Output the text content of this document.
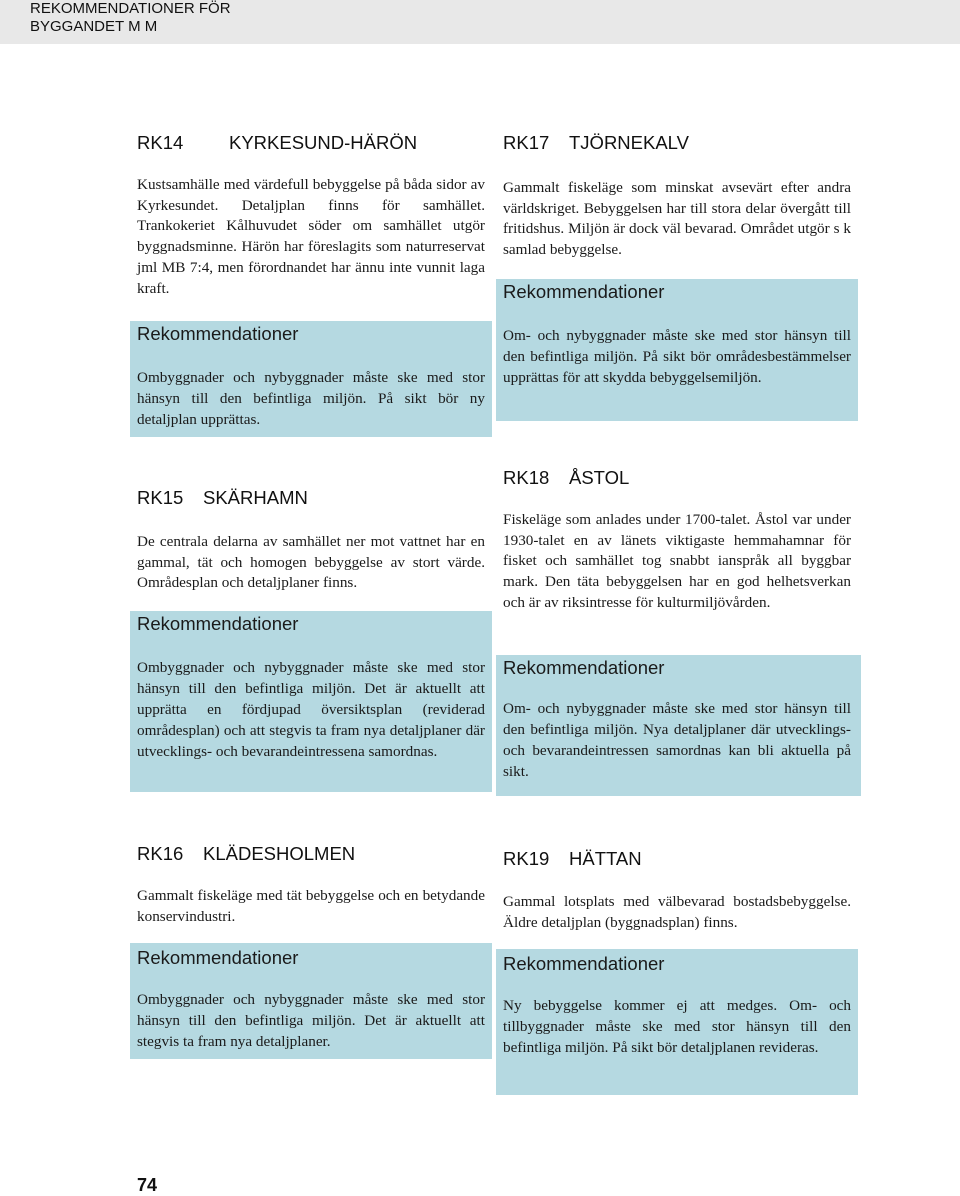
REKOMMENDATIONER FÖR
BYGGANDET M M
RK14 KYRKESUND-HÄRÖN
Kustsamhälle med värdefull bebyggelse på båda sidor av Kyrkesundet. Detaljplan finns för samhället. Trankokeriet Kålhuvudet söder om samhället utgör byggnadsminne. Härön har föreslagits som naturreservat jml MB 7:4, men förordnandet har ännu inte vunnit laga kraft.
Rekommendationer
Ombyggnader och nybyggnader måste ske med stor hänsyn till den befintliga miljön. På sikt bör ny detaljplan upprättas.
RK15 SKÄRHAMN
De centrala delarna av samhället ner mot vattnet har en gammal, tät och homogen bebyggelse av stort värde. Områdesplan och detaljplaner finns.
Rekommendationer
Ombyggnader och nybyggnader måste ske med stor hänsyn till den befintliga miljön. Det är aktuellt att upprätta en fördjupad översiktsplan (reviderad områdesplan) och att stegvis ta fram nya detaljplaner där utvecklings- och bevarandeintressena samordnas.
RK16 KLÄDESHOLMEN
Gammalt fiskeläge med tät bebyggelse och en betydande konservindustri.
Rekommendationer
Ombyggnader och nybyggnader måste ske med stor hänsyn till den befintliga miljön. Det är aktuellt att stegvis ta fram nya detaljplaner.
RK17 TJÖRNEKALV
Gammalt fiskeläge som minskat avsevärt efter andra världskriget. Bebyggelsen har till stora delar övergått till fritidshus. Miljön är dock väl bevarad. Området utgör s k samlad bebyggelse.
Rekommendationer
Om- och nybyggnader måste ske med stor hänsyn till den befintliga miljön. På sikt bör områdesbestämmelser upprättas för att skydda bebyggelsemiljön.
RK18 ÅSTOL
Fiskeläge som anlades under 1700-talet. Åstol var under 1930-talet en av länets viktigaste hemmahamnar för fisket och samhället tog snabbt ianspråk all byggbar mark. Den täta bebyggelsen har en god helhetsverkan och är av riksintresse för kulturmiljövården.
Rekommendationer
Om- och nybyggnader måste ske med stor hänsyn till den befintliga miljön. Nya detaljplaner där utvecklings- och bevarandeintressen samordnas kan bli aktuella på sikt.
RK19 HÄTTAN
Gammal lotsplats med välbevarad bostadsbebyggelse. Äldre detaljplan (byggnadsplan) finns.
Rekommendationer
Ny bebyggelse kommer ej att medges. Om- och tillbyggnader måste ske med stor hänsyn till den befintliga miljön. På sikt bör detaljplanen revideras.
74
